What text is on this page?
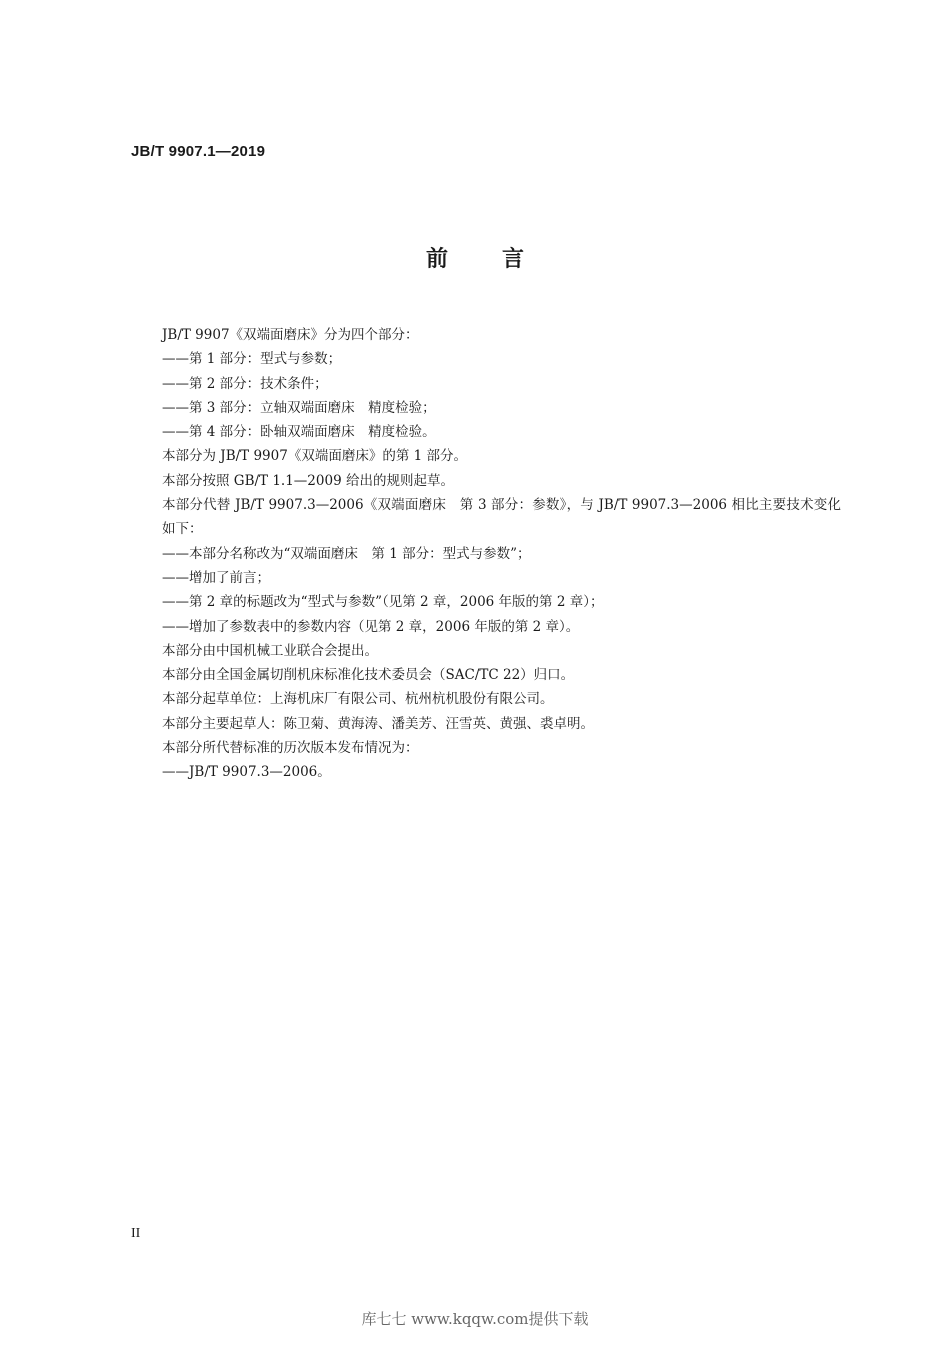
JB/T 9907.1—2019
前言
JB/T 9907《双端面磨床》分为四个部分：
——第 1 部分：型式与参数；
——第 2 部分：技术条件；
——第 3 部分：立轴双端面磨床　精度检验；
——第 4 部分：卧轴双端面磨床　精度检验。
本部分为 JB/T 9907《双端面磨床》的第 1 部分。
本部分按照 GB/T 1.1—2009 给出的规则起草。
本部分代替 JB/T 9907.3—2006《双端面磨床　第 3 部分：参数》，与 JB/T 9907.3—2006 相比主要技术变化如下：
——本部分名称改为“双端面磨床　第 1 部分：型式与参数”；
——增加了前言；
——第 2 章的标题改为“型式与参数”（见第 2 章，2006 年版的第 2 章）；
——增加了参数表中的参数内容（见第 2 章，2006 年版的第 2 章）。
本部分由中国机械工业联合会提出。
本部分由全国金属切削机床标准化技术委员会（SAC/TC 22）归口。
本部分起草单位：上海机床厂有限公司、杭州杭机股份有限公司。
本部分主要起草人：陈卫菊、黄海涛、潘美芳、汪雪英、黄强、裘卓明。
本部分所代替标准的历次版本发布情况为：
——JB/T 9907.3—2006。
II
库七七 www.kqqw.com提供下载
